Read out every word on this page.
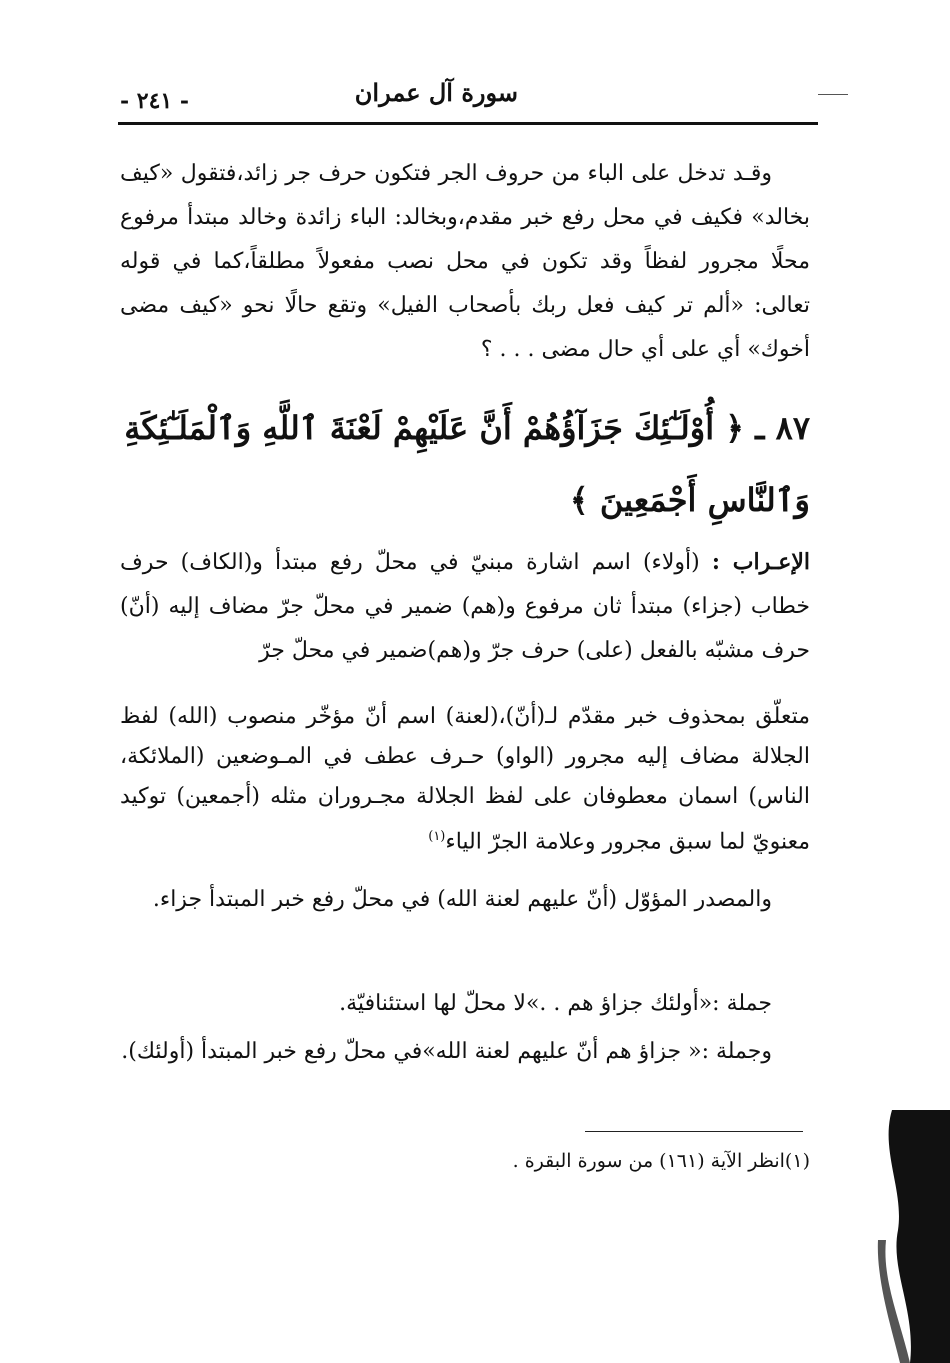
سورة آل عمران
- ٢٤١ -
وقـد تدخل على الباء من حروف الجر فتكون حرف جر زائد،فتقول «كيف بخالد» فكيف في محل رفع خبر مقدم،وبخالد: الباء زائدة وخالد مبتدأ مرفوع محلًا مجرور لفظاً وقد تكون في محل نصب مفعولاً مطلقاً،كما في قوله تعالى: «ألم تر كيف فعل ربك بأصحاب الفيل» وتقع حالًا نحو «كيف مضى أخوك» أي على أي حال مضى . . . ؟
٨٧ ـ ﴿ أُوْلَـٰٓئِكَ جَزَآؤُهُمْ أَنَّ عَلَيْهِمْ لَعْنَةَ ٱللَّهِ وَٱلْمَلَـٰٓئِكَةِ وَٱلنَّاسِ أَجْمَعِينَ ﴾
الإعـراب : (أولاء) اسم اشارة مبنيّ في محلّ رفع مبتدأ و(الكاف) حرف خطاب (جزاء) مبتدأ ثان مرفوع و(هم) ضمير في محلّ جرّ مضاف إليه (أنّ) حرف مشبّه بالفعل (على) حرف جرّ و(هم)ضمير في محلّ جرّ
متعلّق بمحذوف خبر مقدّم لـ(أنّ)،(لعنة) اسم أنّ مؤخّر منصوب (الله) لفظ الجلالة مضاف إليه مجرور (الواو) حـرف عطف في المـوضعين (الملائكة، الناس) اسمان معطوفان على لفظ الجلالة مجـروران مثله (أجمعين) توكيد معنويّ لما سبق مجرور وعلامة الجرّ الياء$^{(١)}$
والمصدر المؤوّل (أنّ عليهم لعنة الله) في محلّ رفع خبر المبتدأ جزاء.
جملة :«أولئك جزاؤ هم . .»لا محلّ لها استئنافيّة.
وجملة :« جزاؤ هم أنّ عليهم لعنة الله»في محلّ رفع خبر المبتدأ (أولئك).
(١)انظر الآية (١٦١) من سورة البقرة .
